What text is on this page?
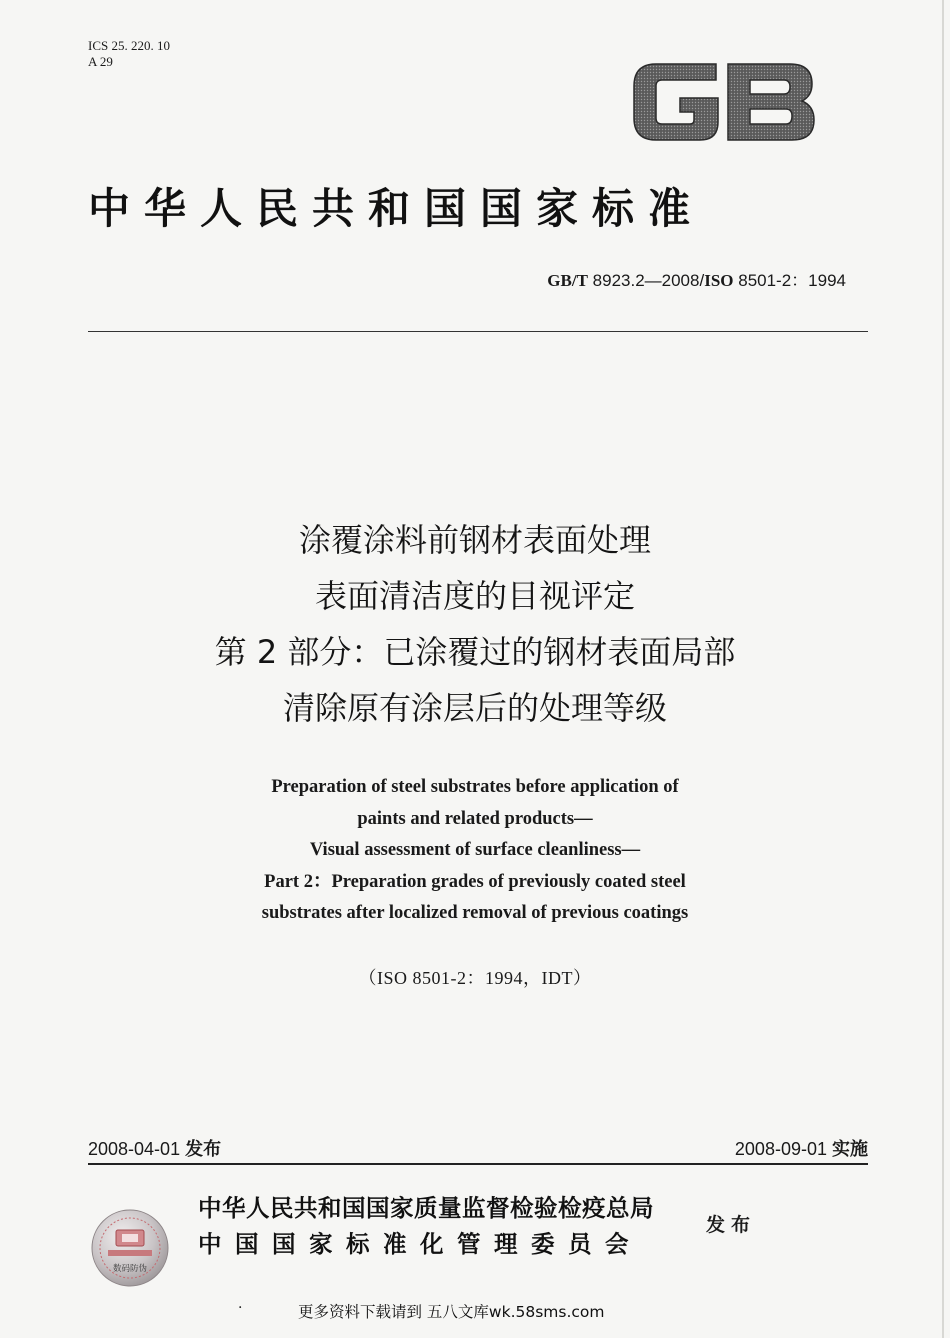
ICS 25. 220. 10
A 29	GB
中华人民共和国国家标准
GB/T 8923.2—2008/ISO 8501-2：1994
涂覆涂料前钢材表面处理
表面清洁度的目视评定
第 2 部分：已涂覆过的钢材表面局部
清除原有涂层后的处理等级
Preparation of steel substrates before application of
paints and related products—
Visual assessment of surface cleanliness—
Part 2：Preparation grades of previously coated steel
substrates after localized removal of previous coatings
（ISO 8501-2：1994，IDT）
2008-04-01 发布	2008-09-01 实施
数码防伪
中华人民共和国国家质量监督检验检疫总局
中国国家标准化管理委员会
发布
·	更多资料下载请到 五八文库wk.58sms.com
